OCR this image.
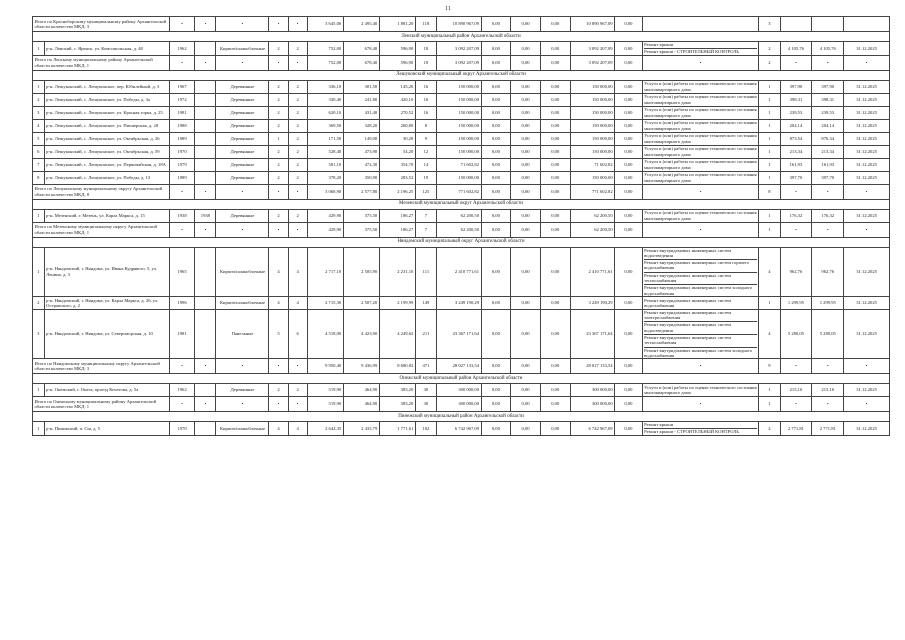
11
Итого по Красноборскому муниципальному району Архангельской области количество МКД: 3		•	•	•	•	•	3 645,00	2 495,40	1 881,20	118	10 890 967,09	0,00	0,00	0,00	10 890 967,09	0,00		3			
Ленский муниципальный район Архангельской области																					
1	р-н. Ленский, с. Яренск, ул. Комсомольская, д. 48	1962		Кирпич/шлакоблочные	2	2	752,00	678,40	596,90	18	3 092 207,09	0,00	0,00	0,00	3 092 207,09	0,00	Ремонт крыши
Ремонт крыши - СТРОИТЕЛЬНЫЙ КОНТРОЛЬ	2	4 105,76	4 105,76	31.12.2025
Итого по Ленскому муниципальному району Архангельской области количество МКД: 1		•	•	•	•	•	752,00	678,40	596,90	18	3 092 207,09	0,00	0,00	0,00	3 092 207,09	0,00	•	2	•	•	•
Лешуконский муниципальный округ Архангельской области																					
1	р-н. Лешуконский, с. Лешуконское, пер. Юбилейный, д. 3	1967		Деревянные	2	2	336,10	301,50	145,20	16	150 000,00	0,00	0,00	0,00	150 000,00	0,00	Услуги и (или) работы по оценке технического состояния многоквартирного дома	1	397,90	397,90	31.12.2025
2	р-н. Лешуконский, с. Лешуконское, ул. Победы, д. 3а	1972		Деревянные	2	2	330,40	241,80	420,10	16	150 000,00	0,00	0,00	0,00	150 000,00	0,00	Услуги и (или) работы по оценке технического состояния многоквартирного дома	1	398,31	398,31	31.12.2025
3	р-н. Лешуконский, с. Лешуконское, ул. Красная горка, д. 25	1981		Деревянные	2	2	620,10	431,40	270,52	16	150 000,00	0,00	0,00	0,00	150 000,00	0,00	Услуги и (или) работы по оценке технического состояния многоквартирного дома	1	239,53	239,53	31.12.2025
4	р-н. Лешуконский, с. Лешуконское, ул. Пионерская, д. 28	1988		Деревянные	2	2	369,50	328,20	260,80	8	150 000,00	0,00	0,00	0,00	150 000,00	0,00	Услуги и (или) работы по оценке технического состояния многоквартирного дома	1	204,14	204,14	31.12.2025
5	р-н. Лешуконский, с. Лешуконское, ул. Октябрьская, д. 26	1989		Деревянные	1	2	171,50	149,00	30,28	9	150 000,00	0,00	0,00	0,00	150 000,00	0,00	Услуги и (или) работы по оценке технического состояния многоквартирного дома	1	873,54	876,34	31.12.2025
6	р-н. Лешуконский, с. Лешуконское, ул. Октябрьская, д. 59	1970		Деревянные	2	2	528,40	473,90	54,20	12	150 000,00	0,00	0,00	0,00	150 000,00	0,00	Услуги и (или) работы по оценке технического состояния многоквартирного дома	1	213,34	213,34	31.12.2025
7	р-н. Лешуконский, с. Лешуконское, ул. Первомайская, д. 18А	1979		Деревянные	2	2	581,10	472,30	354,70	14	71 602,82	0,00	0,00	0,00	71 602,82	0,00	Услуги и (или) работы по оценке технического состояния многоквартирного дома	1	161,93	161,93	31.12.2025
8	р-н. Лешуконский, с. Лешуконское, ул. Победы, д. 13	1989		Деревянные	2	2	378,20	350,90	283,52	19	150 000,00	0,00	0,00	0,00	150 000,00	0,00	Услуги и (или) работы по оценке технического состояния многоквартирного дома	1	397,70	397,70	31.12.2025
Итого по Лешуконскому муниципальному округу Архангельской области количество МКД: 8		•	•	•	•	•	3 068,90	2 577,80	2 196,25	125	771 602,82	0,00	0,00	0,00	771 602,82	0,00	•	8	•	•	•
Мезенский муниципальный округ Архангельской области																					
1	р-н. Мезенский, г. Мезень, ул. Карла Маркса, д. 15	1938	1938	Деревянные	2	2	429,90	375,50	186,27	7	62 200,50	0,00	0,00	0,00	62 200,50	0,00	Услуги и (или) работы по оценке технического состояния многоквартирного дома	1	176,32	176,32	31.12.2025
Итого по Мезенскому муниципальному округу Архангельской области количество МКД: 1		•	•	•	•	•	429,90	375,50	186,27	7	62 200,50	0,00	0,00	0,00	62 200,50	0,00	•	1	•	•	•
Няндомский муниципальный округ Архангельской области																					
1	р-н. Няндомский, г. Няндома, ул. Ивана Кудрявого, 5, ул. Ленина, д. 3	1965		Кирпич/шлакоблочные	4	4	2 717,10	2 505,90	2 231,10	111	2 410 771,61	0,00	0,00	0,00	2 410 771,61	0,00	Ремонт внутридомовых инженерных систем водоотведения
Ремонт внутридомовых инженерных систем горячего водоснабжения
Ремонт внутридомовых инженерных систем теплоснабжения
Ремонт внутридомовых инженерных систем холодного водоснабжения	4	962,76	962,76	31.12.2025
2	р-н. Няндомский, г. Няндома, ул. Карла Маркса, д. 26, ул. Островского, д. 2	1996		Кирпич/шлакоблочные	4	4	2 715,30	2 507,20	2 199,99	149	3 249 190,29	0,00	0,00	0,00	3 249 190,29	0,00	Ремонт внутридомовых инженерных систем водоснабжения	1	1 299,95	1 299,95	31.12.2025
3	р-н. Няндомский, г. Няндома, ул. Североморская, д. 10	1981		Панельные	5	6	4 518,00	4 423,90	4 249,62	211	23 367 171,64	0,00	0,00	0,00	23 367 171,64	0,00	Ремонт внутридомовых инженерных систем электроснабжения
Ремонт внутридомовых инженерных систем водоотведения
Ремонт внутридомовых инженерных систем теплоснабжения
Ремонт внутридомовых инженерных систем холодного водоснабжения	4	5 280,05	5 280,05	31.12.2025
Итого по Няндомскому муниципальному округу Архангельской области количество МКД: 3		•	•	•	•	•	9 950,40	9 436,99	8 680,82	471	28 027 133,54	0,00	0,00	0,00	28 027 133,54	0,00	•	9	•	•	•
Онежский муниципальный район Архангельской области																					
1	р-н. Онежский, г. Онега, проезд Кочетова, д. 5а	1962		Деревянные	2	2	519,90	464,90	383,20	30	300 000,00	0,00	0,00	0,00	300 000,00	0,00	Услуги и (или) работы по оценке технического состояния многоквартирного дома	1	215,16	215,16	31.12.2025
Итого по Онежскому муниципальному району Архангельской области количество МКД: 1		•	•	•	•	•	519,90	464,90	383,20	30	300 000,00	0,00	0,00	0,00	300 000,00	0,00	•	1	•	•	•
Пинежский муниципальный район Архангельской области																					
1	р-н. Пинежский, п. Сія, д. 5	1970		Кирпич/шлакоблочные	4	4	2 642,35	2 435,79	1 771,61	102	6 742 967,09	0,00	0,00	0,00	6 742 967,09	0,00	Ремонт крыши
Ремонт крыши - СТРОИТЕЛЬНЫЙ КОНТРОЛЬ	2	2 771,81	2 771,81	31.12.2025
